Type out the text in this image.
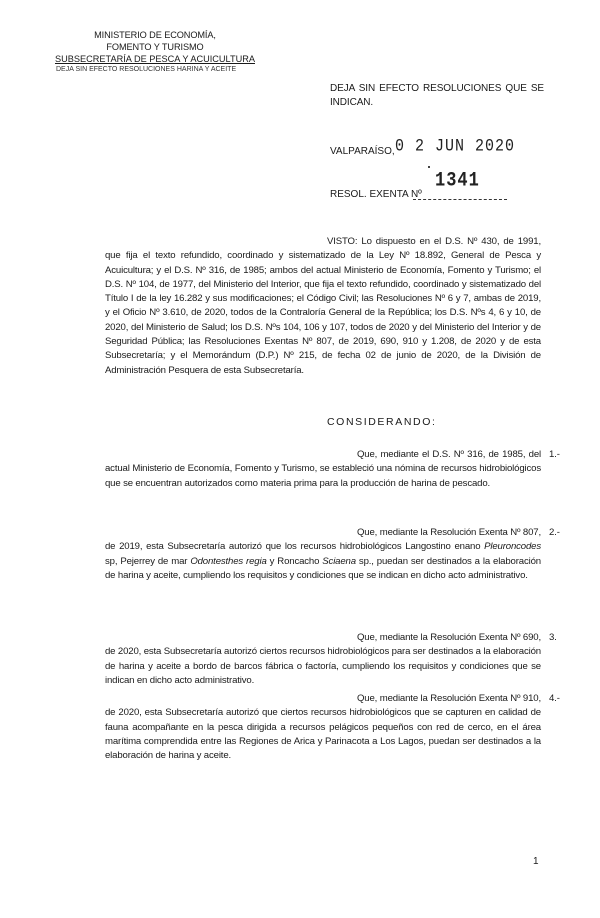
MINISTERIO DE ECONOMÍA,
FOMENTO Y TURISMO
SUBSECRETARÍA DE PESCA Y ACUICULTURA
DEJA SIN EFECTO RESOLUCIONES HARINA Y ACEITE
DEJA SIN EFECTO RESOLUCIONES QUE SE INDICAN.
VALPARAÍSO, 0 2 JUN 2020
RESOL. EXENTA Nº
1341
VISTO: Lo dispuesto en el D.S. Nº 430, de 1991, que fija el texto refundido, coordinado y sistematizado de la Ley Nº 18.892, General de Pesca y Acuicultura; y el D.S. Nº 316, de 1985; ambos del actual Ministerio de Economía, Fomento y Turismo; el D.S. Nº 104, de 1977, del Ministerio del Interior, que fija el texto refundido, coordinado y sistematizado del Título I de la ley 16.282 y sus modificaciones; el Código Civil; las Resoluciones Nº 6 y 7, ambas de 2019, y el Oficio Nº 3.610, de 2020, todos de la Contraloría General de la República; los D.S. Nºs 4, 6 y 10, de 2020, del Ministerio de Salud; los D.S. Nºs 104, 106 y 107, todos de 2020 y del Ministerio del Interior y de Seguridad Pública; las Resoluciones Exentas Nº 807, de 2019, 690, 910 y 1.208, de 2020 y de esta Subsecretaría; y el Memorándum (D.P.) Nº 215, de fecha 02 de junio de 2020, de la División de Administración Pesquera de esta Subsecretaría.
CONSIDERANDO:
1.-Que, mediante el D.S. Nº 316, de 1985, del actual Ministerio de Economía, Fomento y Turismo, se estableció una nómina de recursos hidrobiológicos que se encuentran autorizados como materia prima para la producción de harina de pescado.
2.-Que, mediante la Resolución Exenta Nº 807, de 2019, esta Subsecretaría autorizó que los recursos hidrobiológicos Langostino enano Pleuroncodes sp, Pejerrey de mar Odontesthes regia y Roncacho Sciaena sp., puedan ser destinados a la elaboración de harina y aceite, cumpliendo los requisitos y condiciones que se indican en dicho acto administrativo.
3.Que, mediante la Resolución Exenta Nº 690, de 2020, esta Subsecretaría autorizó ciertos recursos hidrobiológicos para ser destinados a la elaboración de harina y aceite a bordo de barcos fábrica o factoría, cumpliendo los requisitos y condiciones que se indican en dicho acto administrativo.
4.-Que, mediante la Resolución Exenta Nº 910, de 2020, esta Subsecretaría autorizó que ciertos recursos hidrobiológicos que se capturen en calidad de fauna acompañante en la pesca dirigida a recursos pelágicos pequeños con red de cerco, en el área marítima comprendida entre las Regiones de Arica y Parinacota a Los Lagos, puedan ser destinados a la elaboración de harina y aceite.
1
